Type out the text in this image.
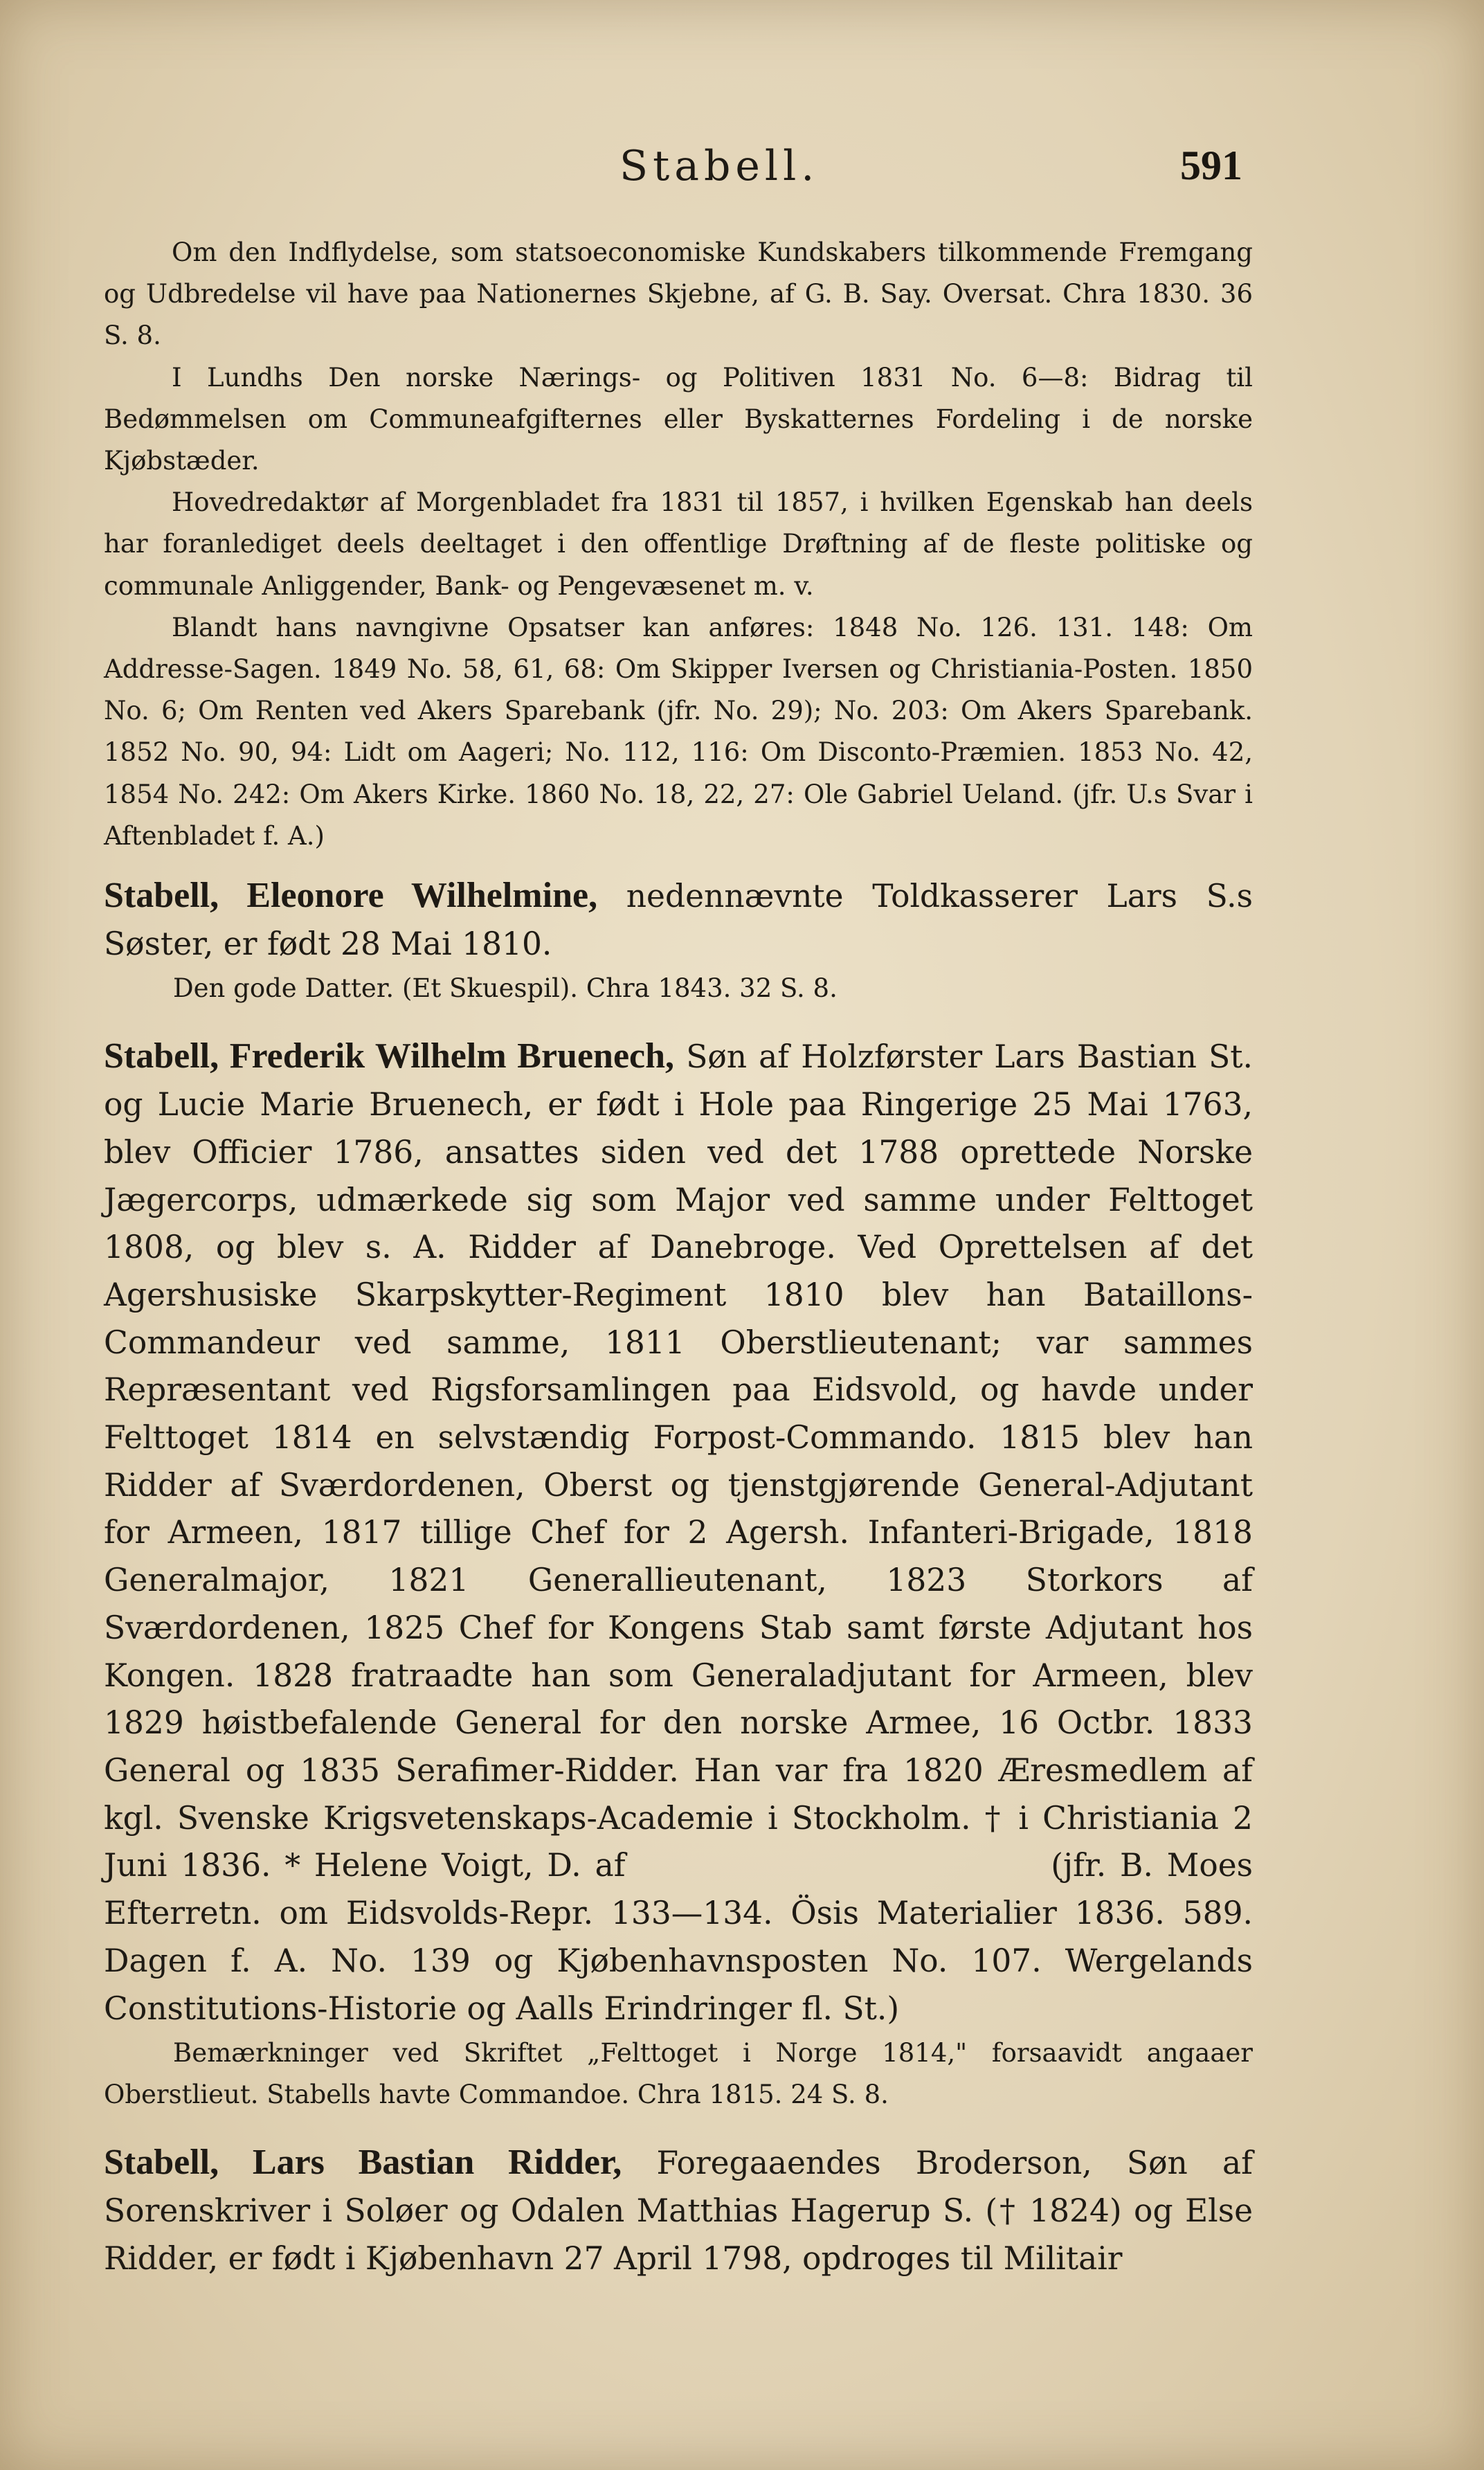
Stabell.	591

Om den Indflydelse, som statsoeconomiske Kundskabers tilkommende Fremgang og Udbredelse vil have paa Nationernes Skjebne, af G. B. Say. Oversat. Chra 1830. 36 S. 8.

I Lundhs Den norske Nærings- og Politiven 1831 No. 6—8: Bidrag til Bedømmelsen om Communeafgifternes eller Byskatternes Fordeling i de norske Kjøbstæder.

Hovedredaktør af Morgenbladet fra 1831 til 1857, i hvilken Egenskab han deels har foranlediget deels deeltaget i den offentlige Drøftning af de fleste politiske og communale Anliggender, Bank- og Pengevæsenet m. v.

Blandt hans navngivne Opsatser kan anføres: 1848 No. 126. 131. 148: Om Addresse-Sagen. 1849 No. 58, 61, 68: Om Skipper Iversen og Christiania-Posten. 1850 No. 6; Om Renten ved Akers Sparebank (jfr. No. 29); No. 203: Om Akers Sparebank. 1852 No. 90, 94: Lidt om Aageri; No. 112, 116: Om Disconto-Præmien. 1853 No. 42, 1854 No. 242: Om Akers Kirke. 1860 No. 18, 22, 27: Ole Gabriel Ueland. (jfr. U.s Svar i Aftenbladet f. A.)

Stabell, Eleonore Wilhelmine, nedennævnte Toldkasserer Lars S.s Søster, er født 28 Mai 1810.

Den gode Datter. (Et Skuespil). Chra 1843. 32 S. 8.

Stabell, Frederik Wilhelm Bruenech, Søn af Holzførster Lars Bastian St. og Lucie Marie Bruenech, er født i Hole paa Ringerige 25 Mai 1763, blev Officier 1786, ansattes siden ved det 1788 oprettede Norske Jægercorps, udmærkede sig som Major ved samme under Felttoget 1808, og blev s. A. Ridder af Danebroge. Ved Oprettelsen af det Agershusiske Skarpskytter-Regiment 1810 blev han Bataillons-Commandeur ved samme, 1811 Oberstlieutenant; var sammes Repræsentant ved Rigsforsamlingen paa Eidsvold, og havde under Felttoget 1814 en selvstændig Forpost-Commando. 1815 blev han Ridder af Sværdordenen, Oberst og tjenstgjørende General-Adjutant for Armeen, 1817 tillige Chef for 2 Agersh. Infanteri-Brigade, 1818 Generalmajor, 1821 Generallieutenant, 1823 Storkors af Sværdordenen, 1825 Chef for Kongens Stab samt første Adjutant hos Kongen. 1828 fratraadte han som Generaladjutant for Armeen, blev 1829 høistbefalende General for den norske Armee, 16 Octbr. 1833 General og 1835 Serafimer-Ridder. Han var fra 1820 Æresmedlem af kgl. Svenske Krigsvetenskaps-Academie i Stockholm. † i Christiania 2 Juni 1836. * Helene Voigt, D. af	(jfr. B. Moes Efterretn. om Eidsvolds-Repr. 133—134. Ösis Materialier 1836. 589. Dagen f. A. No. 139 og Kjøbenhavnsposten No. 107. Wergelands Constitutions-Historie og Aalls Erindringer fl. St.)

Bemærkninger ved Skriftet „Felttoget i Norge 1814," forsaavidt angaaer Oberstlieut. Stabells havte Commandoe. Chra 1815. 24 S. 8.

Stabell, Lars Bastian Ridder, Foregaaendes Broderson, Søn af Sorenskriver i Soløer og Odalen Matthias Hagerup S. († 1824) og Else Ridder, er født i Kjøbenhavn 27 April 1798, opdroges til Militair
